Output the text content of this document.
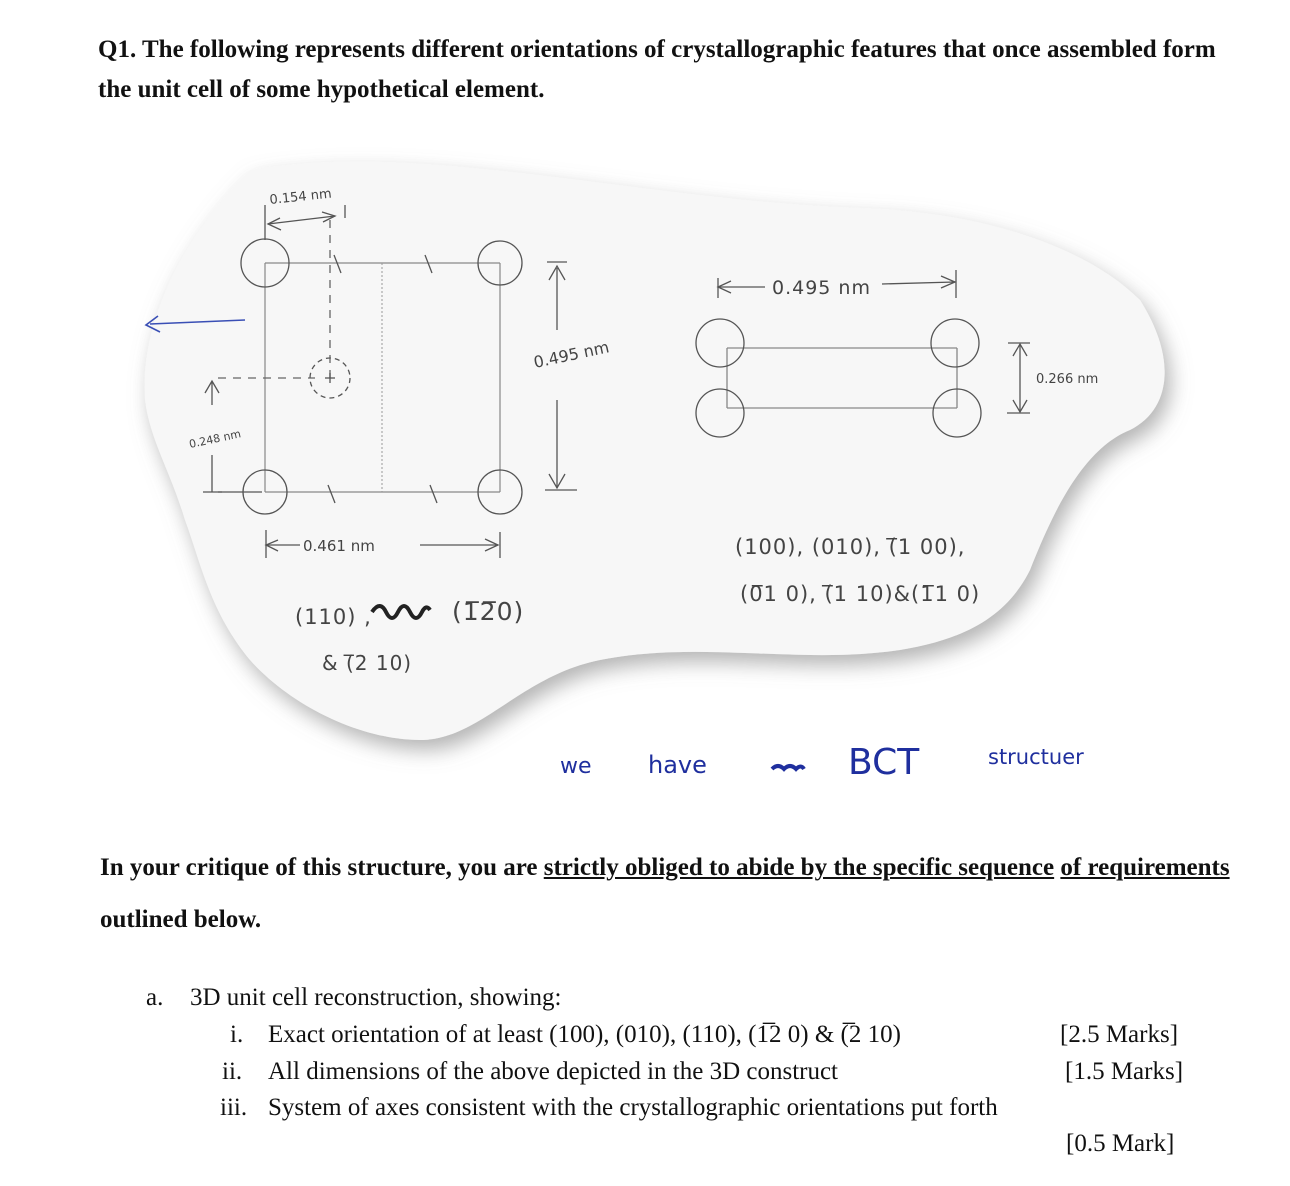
Q1. The following represents different orientations of crystallographic features that once assembled form the unit cell of some hypothetical element.

0.154 nm
0.495 nm
0.248 nm
0.461 nm
(110) ,	(1̅2̅0)
& (̅2 10)
0.495 nm
0.266 nm
(100), (010), (̅1 00),
(0̅1 0), (̅1 10)&(1̅1 0)
we have	BCT	structuer

In your critique of this structure, you are strictly obliged to abide by the specific sequence of requirements outlined below.

a. 3D unit cell reconstruction, showing:
i. Exact orientation of at least (100), (010), (110), (1̅2 0) & (̅2 10)	[2.5 Marks]
ii. All dimensions of the above depicted in the 3D construct	[1.5 Marks]
iii. System of axes consistent with the crystallographic orientations put forth
[0.5 Mark]
